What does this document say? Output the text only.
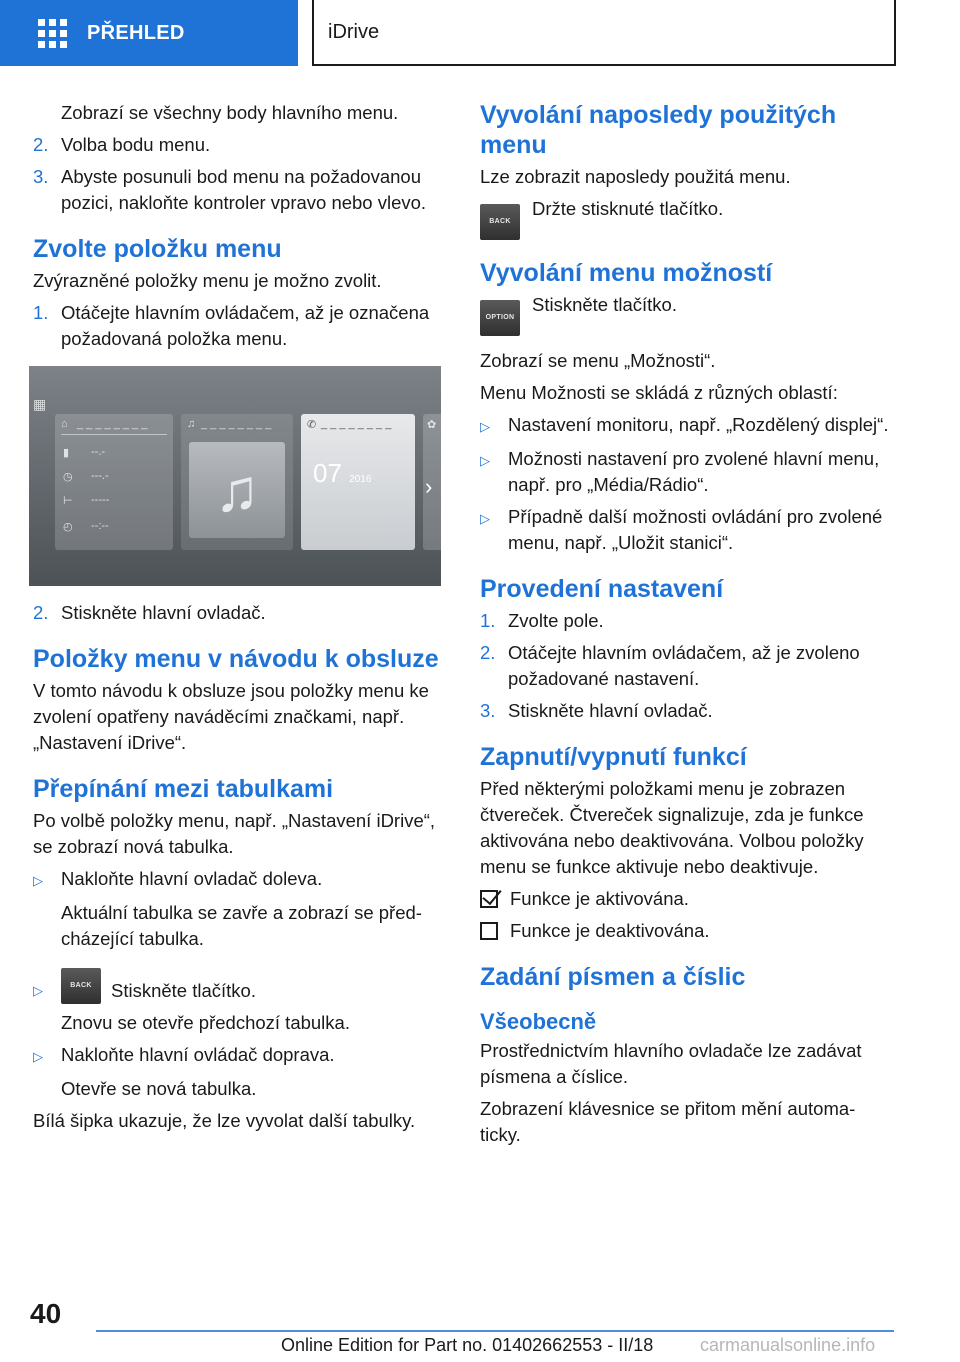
PŘEHLED	iDrive

Zobrazí se všechny body hlavního menu.

2. Volba bodu menu.
3. Abyste posunuli bod menu na požadovanou pozici, nakloňte kontroler vpravo nebo vlevo.
Zvolte položku menu

Zvýrazněné položky menu je možno zvolit.

1. Otáčejte hlavním ovládačem, až je označena požadovaná položka menu.
▦
⌂ _ _ _ _ _ _ _ _
▮ --.-
◷ ---.-
⊢ -----
◴ --:--
♫ _ _ _ _ _ _ _ _
♫
✆ _ _ _ _ _ _ _ _
07 2016
✿
›
2. Stiskněte hlavní ovladač.
Položky menu v návodu k obsluze

V tomto návodu k obsluze jsou položky menu ke zvolení opatřeny naváděcími značkami, např. „Nastavení iDrive“.

Přepínání mezi tabulkami

Po volbě položky menu, např. „Nastavení iDrive“, se zobrazí nová tabulka.

▷ Nakloňte hlavní ovladač doleva.

Aktuální tabulka se zavře a zobrazí se před-cházející tabulka.

▷	BACK	Stiskněte tlačítko.

Znovu se otevře předchozí tabulka.

▷ Nakloňte hlavní ovládač doprava.

Otevře se nová tabulka.

Bílá šipka ukazuje, že lze vyvolat další tabulky.

Vyvolání naposledy použitých menu

Lze zobrazit naposledy použitá menu.

BACK
Držte stisknuté tlačítko.
Vyvolání menu možností
OPTION
Stiskněte tlačítko.

Zobrazí se menu „Možnosti“.

Menu Možnosti se skládá z různých oblastí:

▷ Nastavení monitoru, např. „Rozdělený displej“.
▷ Možnosti nastavení pro zvolené hlavní menu, např. pro „Média/Rádio“.
▷ Případně další možnosti ovládání pro zvolené menu, např. „Uložit stanici“.
Provedení nastavení
1. Zvolte pole.
2. Otáčejte hlavním ovládačem, až je zvoleno požadované nastavení.
3. Stiskněte hlavní ovladač.
Zapnutí/vypnutí funkcí

Před některými položkami menu je zobrazen čtvereček. Čtvereček signalizuje, zda je funkce aktivována nebo deaktivována. Volbou položky menu se funkce aktivuje nebo deaktivuje.

Funkce je aktivována.
Funkce je deaktivována.
Zadání písmen a číslic
Všeobecně

Prostřednictvím hlavního ovladače lze zadávat písmena a číslice.

Zobrazení klávesnice se přitom mění automa-ticky.

40
Online Edition for Part no. 01402662553 - II/18	carmanualsonline.info
